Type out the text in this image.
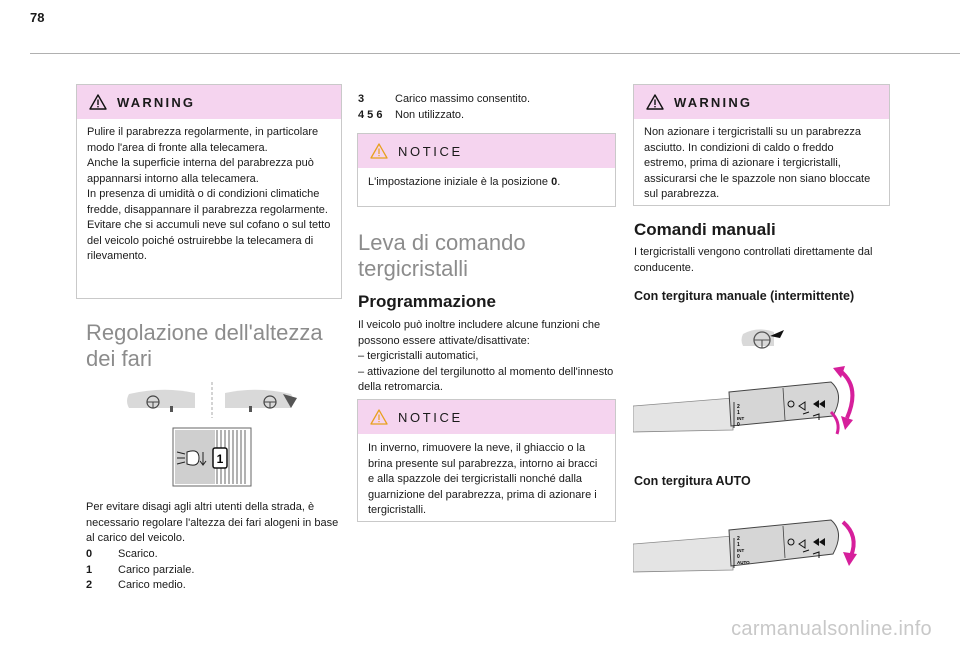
78
WARNING

Pulire il parabrezza regolarmente, in particolare modo l'area di fronte alla telecamera.

Anche la superficie interna del parabrezza può appannarsi intorno alla telecamera.

In presenza di umidità o di condizioni climatiche fredde, disappannare il parabrezza regolarmente.

Evitare che si accumuli neve sul cofano o sul tetto del veicolo poiché ostruirebbe la telecamera di rilevamento.

Regolazione dell'altezza

dei fari

1
Per evitare disagi agli altri utenti della strada, è necessario regolare l'altezza dei fari alogeni in base al carico del veicolo.
0	Scarico.
1	Carico parziale.
2	Carico medio.
3	Carico massimo consentito.
4 5 6	Non utilizzato.
NOTICE
L'impostazione iniziale è la posizione 0.

Leva di comando

tergicristalli

Programmazione

Il veicolo può inoltre includere alcune funzioni che possono essere attivate/disattivate:

– tergicristalli automatici,

– attivazione del tergilunotto al momento dell'innesto della retromarcia.

NOTICE

In inverno, rimuovere la neve, il ghiaccio o la brina presente sul parabrezza, intorno ai bracci e alla spazzole dei tergicristalli nonché dalla guarnizione del parabrezza, prima di azionare i tergicristalli.

WARNING

Non azionare i tergicristalli su un parabrezza asciutto. In condizioni di caldo o freddo estremo, prima di azionare i tergicristalli, assicurarsi che le spazzole non siano bloccate sul parabrezza.

Comandi manuali

I tergicristalli vengono controllati direttamente dal conducente.

Con tergitura manuale (intermittente)

2
1
INT
0

Con tergitura AUTO

2
1
INT
0
AUTO
carmanualsonline.info
